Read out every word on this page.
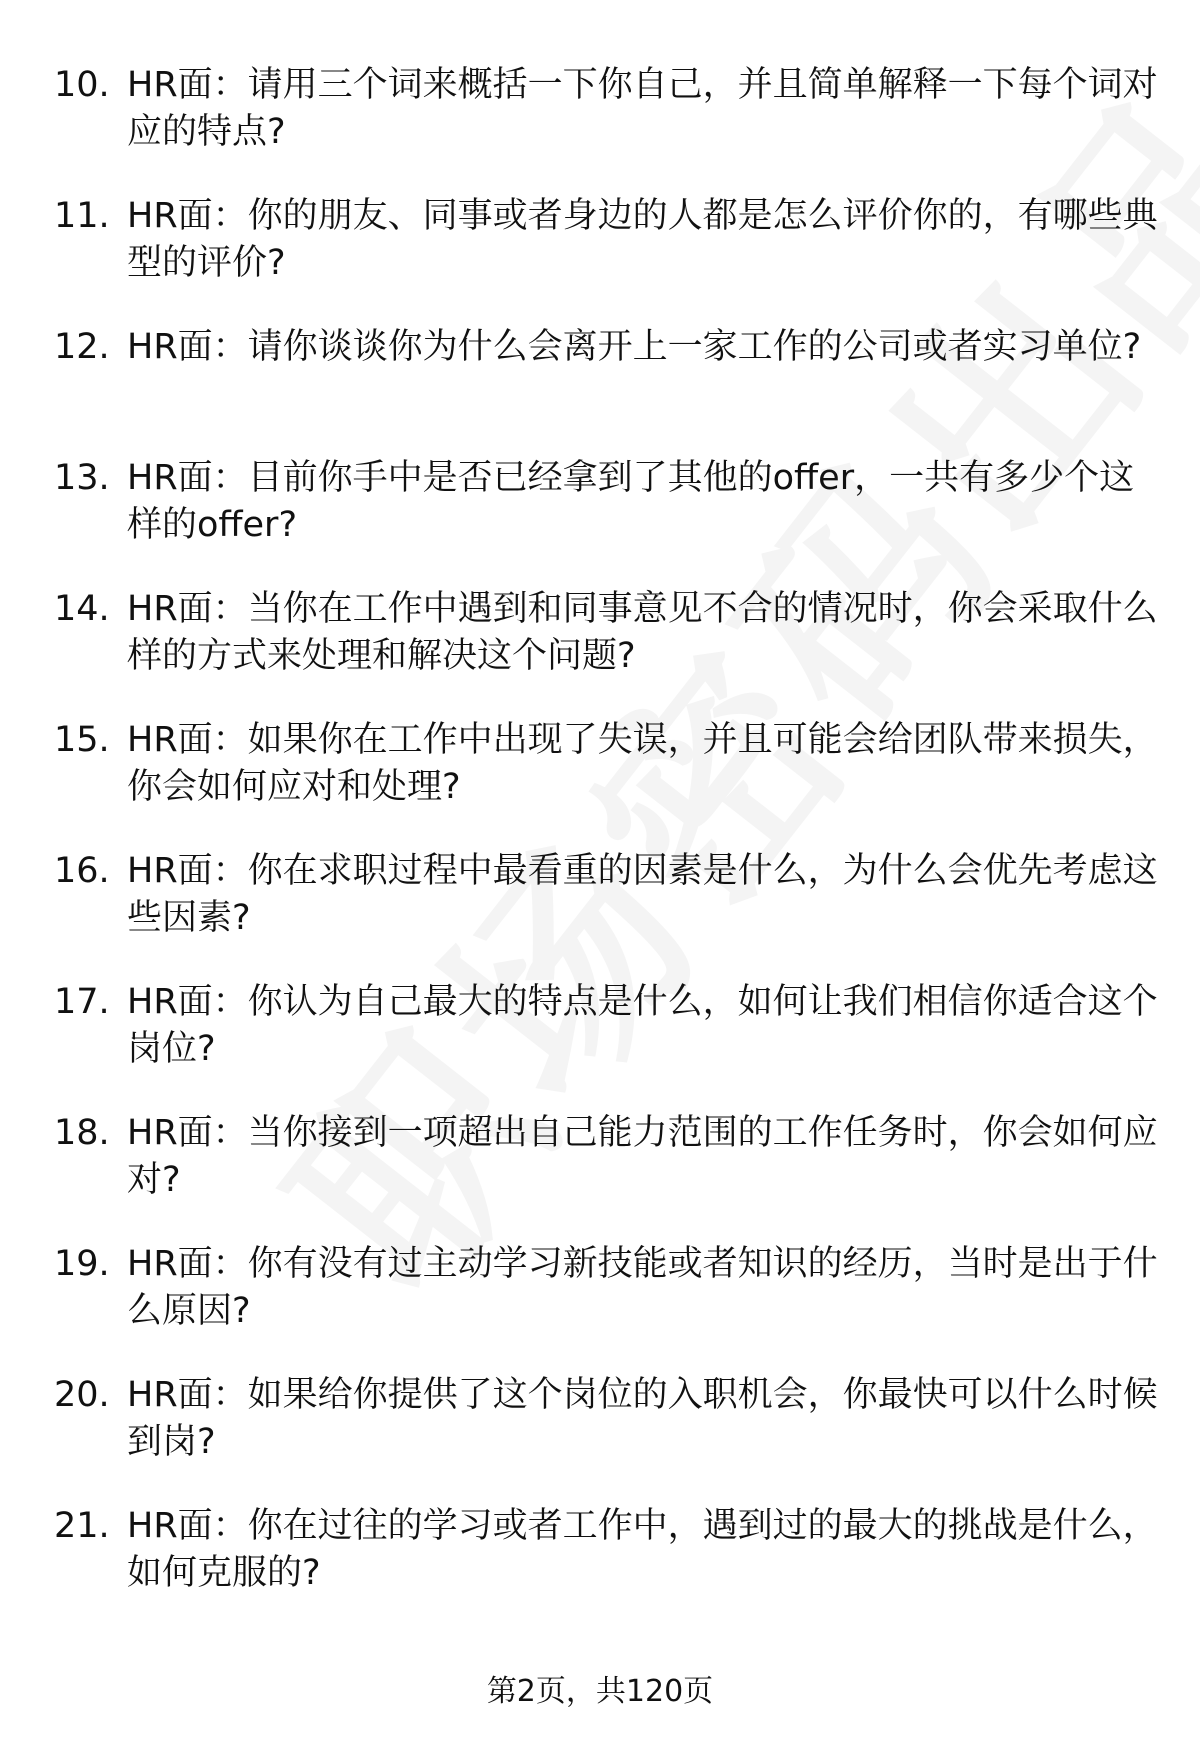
10. HR面：请用三个词来概括一下你自己，并且简单解释一下每个词对应的特点?
11. HR面：你的朋友、同事或者身边的人都是怎么评价你的，有哪些典型的评价?
12. HR面：请你谈谈你为什么会离开上一家工作的公司或者实习单位?
13. HR面：目前你手中是否已经拿到了其他的offer，一共有多少个这样的offer?
14. HR面：当你在工作中遇到和同事意见不合的情况时，你会采取什么样的方式来处理和解决这个问题?
15. HR面：如果你在工作中出现了失误，并且可能会给团队带来损失，你会如何应对和处理?
16. HR面：你在求职过程中最看重的因素是什么，为什么会优先考虑这些因素?
17. HR面：你认为自己最大的特点是什么，如何让我们相信你适合这个岗位?
18. HR面：当你接到一项超出自己能力范围的工作任务时，你会如何应对?
19. HR面：你有没有过主动学习新技能或者知识的经历，当时是出于什么原因?
20. HR面：如果给你提供了这个岗位的入职机会，你最快可以什么时候到岗?
21. HR面：你在过往的学习或者工作中，遇到过的最大的挑战是什么，如何克服的?
第2页，共120页
